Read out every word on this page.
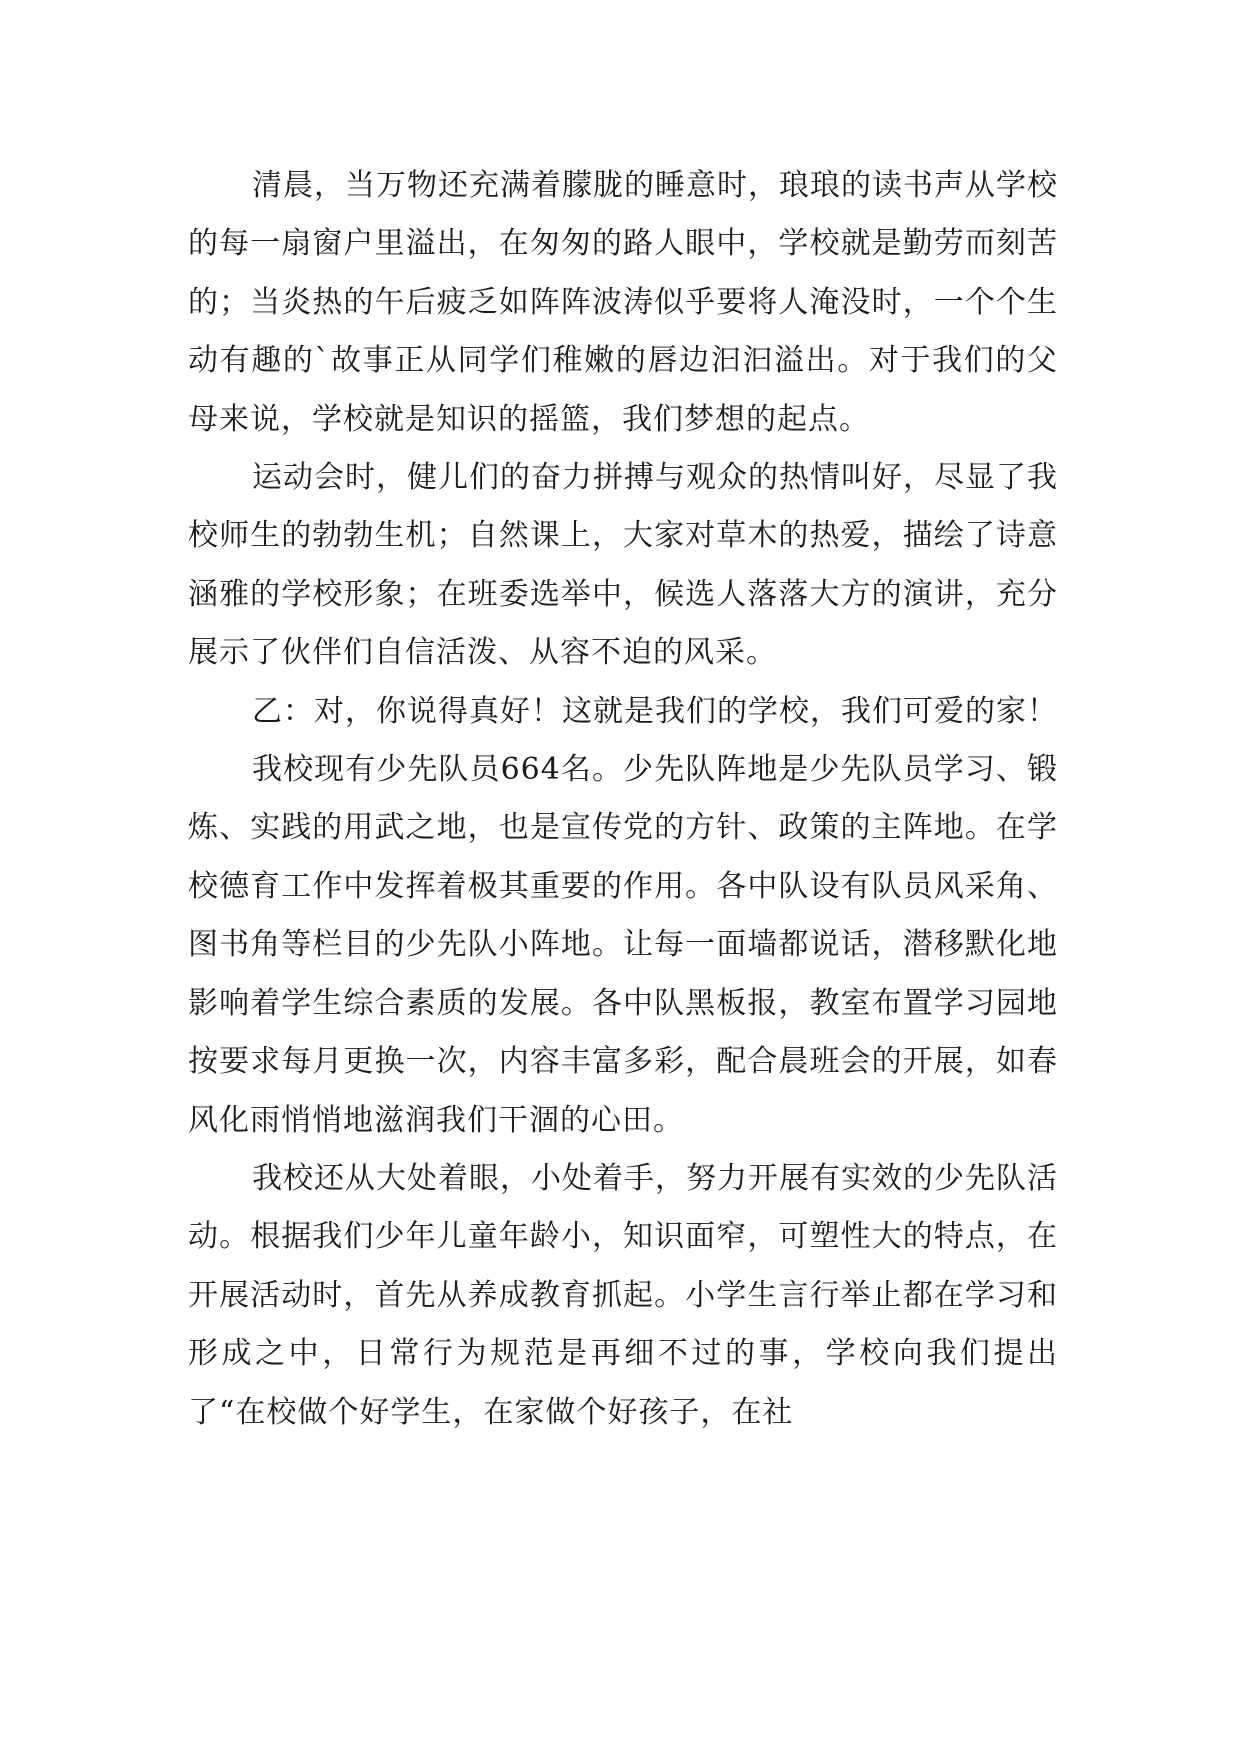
清晨，当万物还充满着朦胧的睡意时，琅琅的读书声从学校的每一扇窗户里溢出，在匆匆的路人眼中，学校就是勤劳而刻苦的；当炎热的午后疲乏如阵阵波涛似乎要将人淹没时，一个个生动有趣的`故事正从同学们稚嫩的唇边汩汩溢出。对于我们的父母来说，学校就是知识的摇篮，我们梦想的起点。

运动会时，健儿们的奋力拼搏与观众的热情叫好，尽显了我校师生的勃勃生机；自然课上，大家对草木的热爱，描绘了诗意涵雅的学校形象；在班委选举中，候选人落落大方的演讲，充分展示了伙伴们自信活泼、从容不迫的风采。

乙：对，你说得真好！这就是我们的学校，我们可爱的家！

我校现有少先队员664名。少先队阵地是少先队员学习、锻炼、实践的用武之地，也是宣传党的方针、政策的主阵地。在学校德育工作中发挥着极其重要的作用。各中队设有队员风采角、图书角等栏目的少先队小阵地。让每一面墙都说话，潜移默化地影响着学生综合素质的发展。各中队黑板报，教室布置学习园地按要求每月更换一次，内容丰富多彩，配合晨班会的开展，如春风化雨悄悄地滋润我们干涸的心田。

我校还从大处着眼，小处着手，努力开展有实效的少先队活动。根据我们少年儿童年龄小，知识面窄，可塑性大的特点，在开展活动时，首先从养成教育抓起。小学生言行举止都在学习和形成之中，日常行为规范是再细不过的事，学校向我们提出了“在校做个好学生，在家做个好孩子，在社
